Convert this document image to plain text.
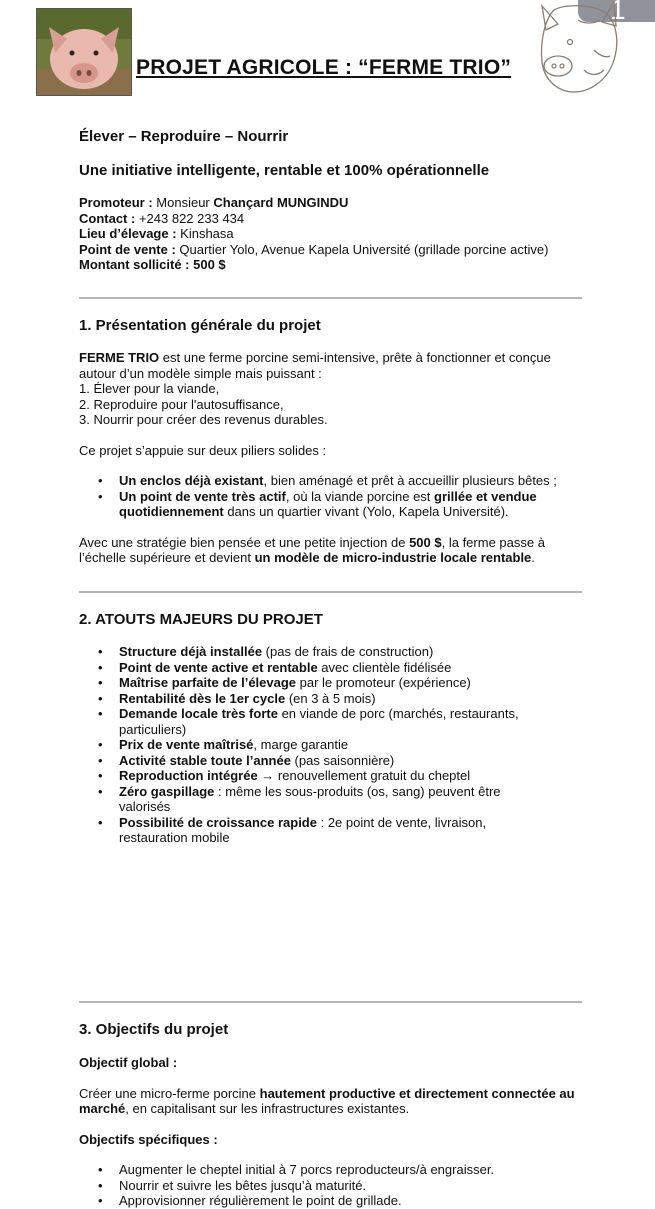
1
PROJET AGRICOLE : “FERME TRIO”
Élever – Reproduire – Nourrir
Une initiative intelligente, rentable et 100% opérationnelle

Promoteur : Monsieur Chançard MUNGINDU

Contact : +243 822 233 434

Lieu d’élevage : Kinshasa

Point de vente : Quartier Yolo, Avenue Kapela Université (grillade porcine active)

Montant sollicité : 500 $

1. Présentation générale du projet

FERME TRIO est une ferme porcine semi-intensive, prête à fonctionner et conçue
autour d’un modèle simple mais puissant :

1. Élever pour la viande,

2. Reproduire pour l'autosuffisance,

3. Nourrir pour créer des revenus durables.

Ce projet s’appuie sur deux piliers solides :

• Un enclos déjà existant, bien aménagé et prêt à accueillir plusieurs bêtes ;
• Un point de vente très actif, où la viande porcine est grillée et vendue
quotidiennement dans un quartier vivant (Yolo, Kapela Université).

Avec une stratégie bien pensée et une petite injection de 500 $, la ferme passe à
l’échelle supérieure et devient un modèle de micro-industrie locale rentable.

2. ATOUTS MAJEURS DU PROJET
• Structure déjà installée (pas de frais de construction)
• Point de vente active et rentable avec clientèle fidélisée
• Maîtrise parfaite de l’élevage par le promoteur (expérience)
• Rentabilité dès le 1er cycle (en 3 à 5 mois)
• Demande locale très forte en viande de porc (marchés, restaurants, particuliers)
• Prix de vente maîtrisé, marge garantie
• Activité stable toute l’année (pas saisonnière)
• Reproduction intégrée → renouvellement gratuit du cheptel
• Zéro gaspillage : même les sous-produits (os, sang) peuvent être valorisés
• Possibilité de croissance rapide : 2e point de vente, livraison, restauration mobile
3. Objectifs du projet

Objectif global :

Créer une micro-ferme porcine hautement productive et directement connectée au marché, en capitalisant sur les infrastructures existantes.

Objectifs spécifiques :

• Augmenter le cheptel initial à 7 porcs reproducteurs/à engraisser.
• Nourrir et suivre les bêtes jusqu’à maturité.
• Approvisionner régulièrement le point de grillade.
